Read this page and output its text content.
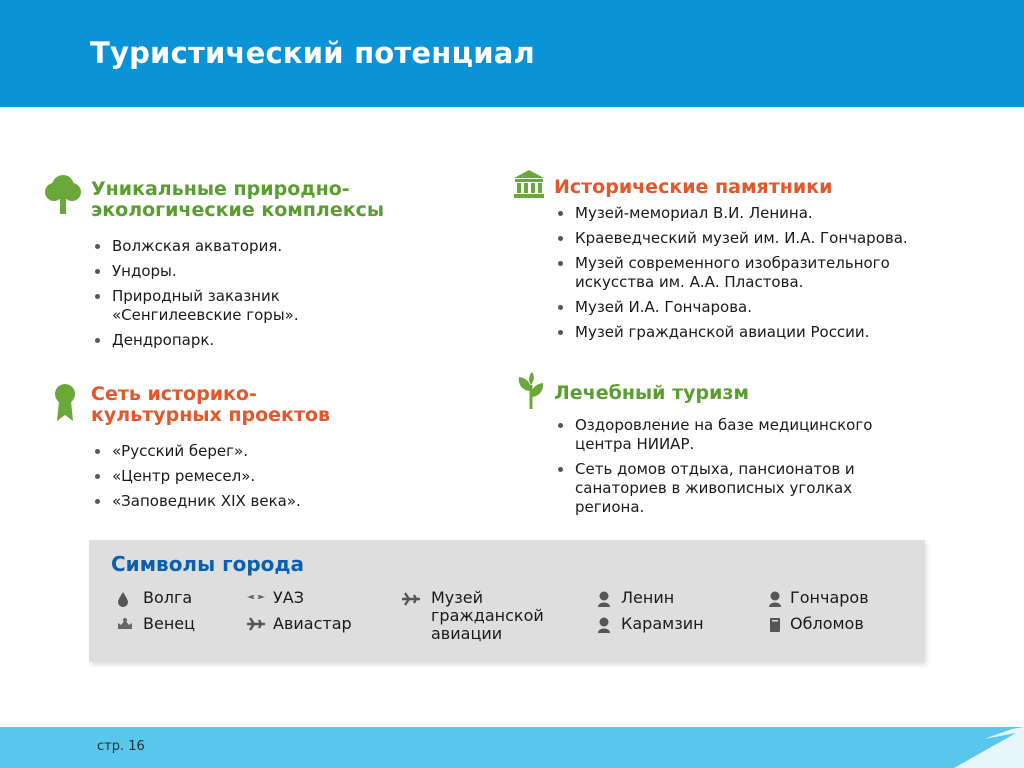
Туристический потенциал
Уникальные природно-
экологические комплексы
Волжская акватория.
Ундоры.
Природный заказник «Сенгилеевские горы».
Дендропарк.
Сеть историко-
культурных проектов
«Русский берег».
«Центр ремесел».
«Заповедник XIX века».
Исторические памятники
Музей-мемориал В.И. Ленина.
Краеведческий музей им. И.А. Гончарова.
Музей современного изобразительного искусства им. А.А. Пластова.
Музей И.А. Гончарова.
Музей гражданской авиации России.
Лечебный туризм
Оздоровление на базе медицинского центра НИИАР.
Сеть домов отдыха, пансионатов и санаториев в живописных уголках региона.
Символы города
Волга
Венец
УАЗ
Авиастар
Музей гражданской авиации
Ленин
Карамзин
Гончаров
Обломов
стр. 16
